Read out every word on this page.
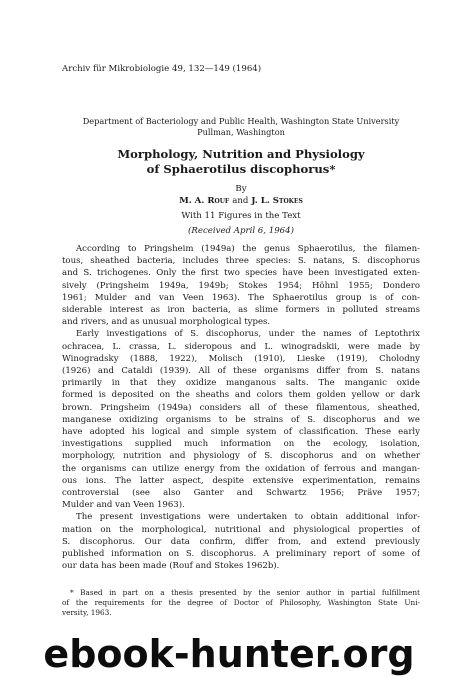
Archiv für Mikrobiologie 49, 132—149 (1964)
Department of Bacteriology and Public Health, Washington State University
Pullman, Washington
Morphology, Nutrition and Physiology
of Sphaerotilus discophorus*
By
M. A. Rouf and J. L. Stokes
With 11 Figures in the Text
(Received April 6, 1964)
According to Pringsheim (1949a) the genus Sphaerotilus, the filamen-
tous, sheathed bacteria, includes three species: S. natans, S. discophorus
and S. trichogenes. Only the first two species have been investigated exten-
sively (Pringsheim 1949a, 1949b; Stokes 1954; Höhnl 1955; Dondero
1961; Mulder and van Veen 1963). The Sphaerotilus group is of con-
siderable interest as iron bacteria, as slime formers in polluted streams
and rivers, and as unusual morphological types.
Early investigations of S. discophorus, under the names of Leptothrix
ochracea, L. crassa, L. sideropous and L. winogradskii, were made by
Winogradsky (1888, 1922), Molisch (1910), Lieske (1919), Cholodny
(1926) and Cataldi (1939). All of these organisms differ from S. natans
primarily in that they oxidize manganous salts. The manganic oxide
formed is deposited on the sheaths and colors them golden yellow or dark
brown. Pringsheim (1949a) considers all of these filamentous, sheathed,
manganese oxidizing organisms to be strains of S. discophorus and we
have adopted his logical and simple system of classification. These early
investigations supplied much information on the ecology, isolation,
morphology, nutrition and physiology of S. discophorus and on whether
the organisms can utilize energy from the oxidation of ferrous and mangan-
ous ions. The latter aspect, despite extensive experimentation, remains
controversial (see also Ganter and Schwartz 1956; Präve 1957;
Mulder and van Veen 1963).
The present investigations were undertaken to obtain additional infor-
mation on the morphological, nutritional and physiological properties of
S. discophorus. Our data confirm, differ from, and extend previously
published information on S. discophorus. A preliminary report of some of
our data has been made (Rouf and Stokes 1962b).
* Based in part on a thesis presented by the senior author in partial fulfillment
of the requirements for the degree of Doctor of Philosophy, Washington State Uni-
versity, 1963.
ebook-hunter.org
